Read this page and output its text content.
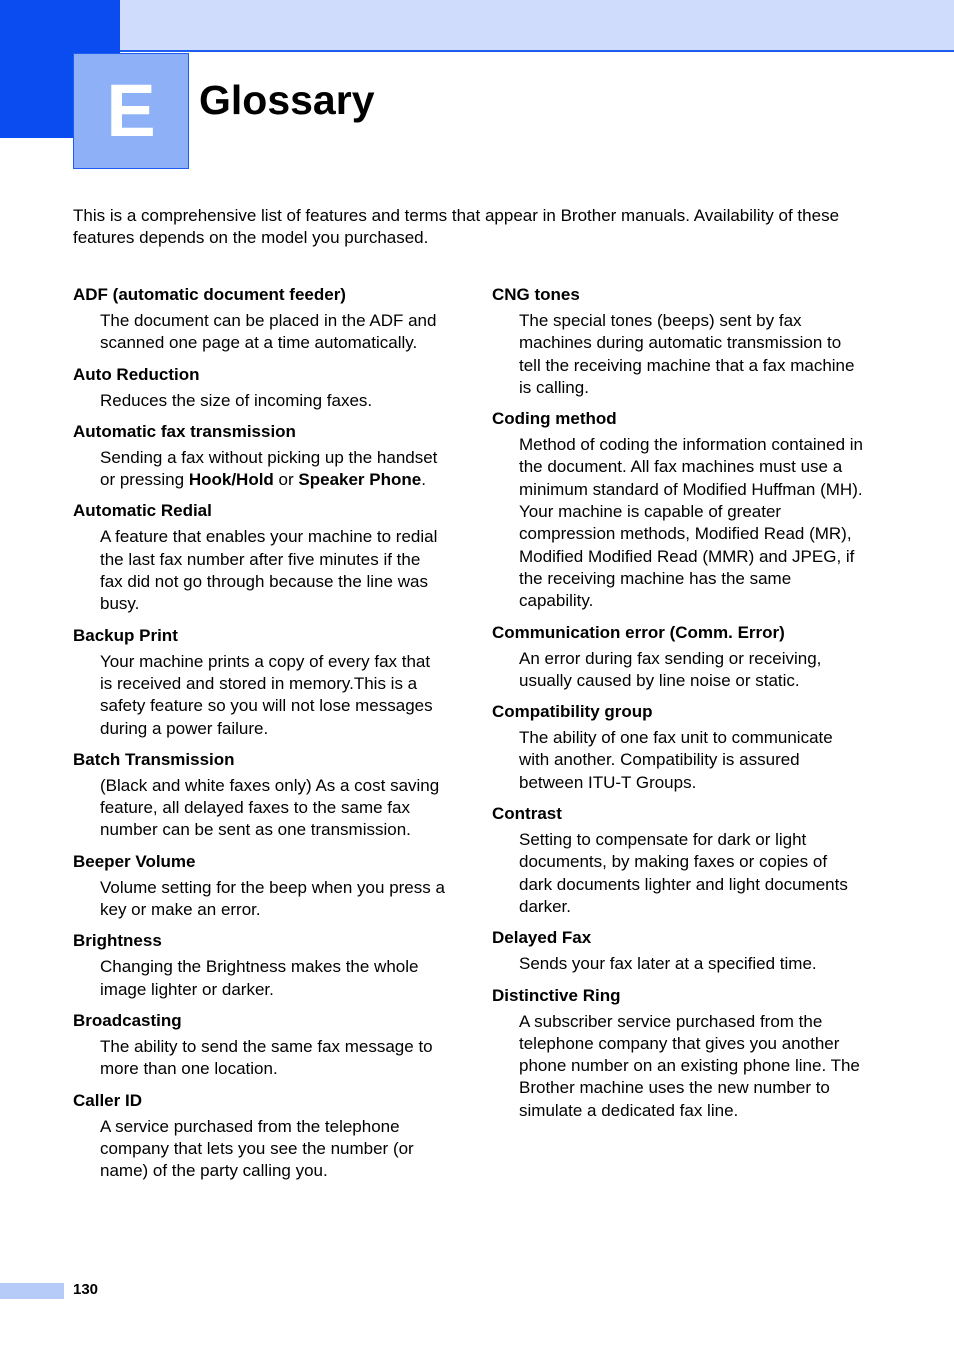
E Glossary

This is a comprehensive list of features and terms that appear in Brother manuals. Availability of these features depends on the model you purchased.

ADF (automatic document feeder)
The document can be placed in the ADF and scanned one page at a time automatically.
Auto Reduction
Reduces the size of incoming faxes.
Automatic fax transmission
Sending a fax without picking up the handset or pressing Hook/Hold or Speaker Phone.
Automatic Redial
A feature that enables your machine to redial the last fax number after five minutes if the fax did not go through because the line was busy.
Backup Print
Your machine prints a copy of every fax that is received and stored in memory.This is a safety feature so you will not lose messages during a power failure.
Batch Transmission
(Black and white faxes only) As a cost saving feature, all delayed faxes to the same fax number can be sent as one transmission.
Beeper Volume
Volume setting for the beep when you press a key or make an error.
Brightness
Changing the Brightness makes the whole image lighter or darker.
Broadcasting
The ability to send the same fax message to more than one location.
Caller ID
A service purchased from the telephone company that lets you see the number (or name) of the party calling you.
CNG tones
The special tones (beeps) sent by fax machines during automatic transmission to tell the receiving machine that a fax machine is calling.
Coding method
Method of coding the information contained in the document. All fax machines must use a minimum standard of Modified Huffman (MH). Your machine is capable of greater compression methods, Modified Read (MR), Modified Modified Read (MMR) and JPEG, if the receiving machine has the same capability.
Communication error (Comm. Error)
An error during fax sending or receiving, usually caused by line noise or static.
Compatibility group
The ability of one fax unit to communicate with another. Compatibility is assured between ITU-T Groups.
Contrast
Setting to compensate for dark or light documents, by making faxes or copies of dark documents lighter and light documents darker.
Delayed Fax
Sends your fax later at a specified time.
Distinctive Ring
A subscriber service purchased from the telephone company that gives you another phone number on an existing phone line. The Brother machine uses the new number to simulate a dedicated fax line.
130
